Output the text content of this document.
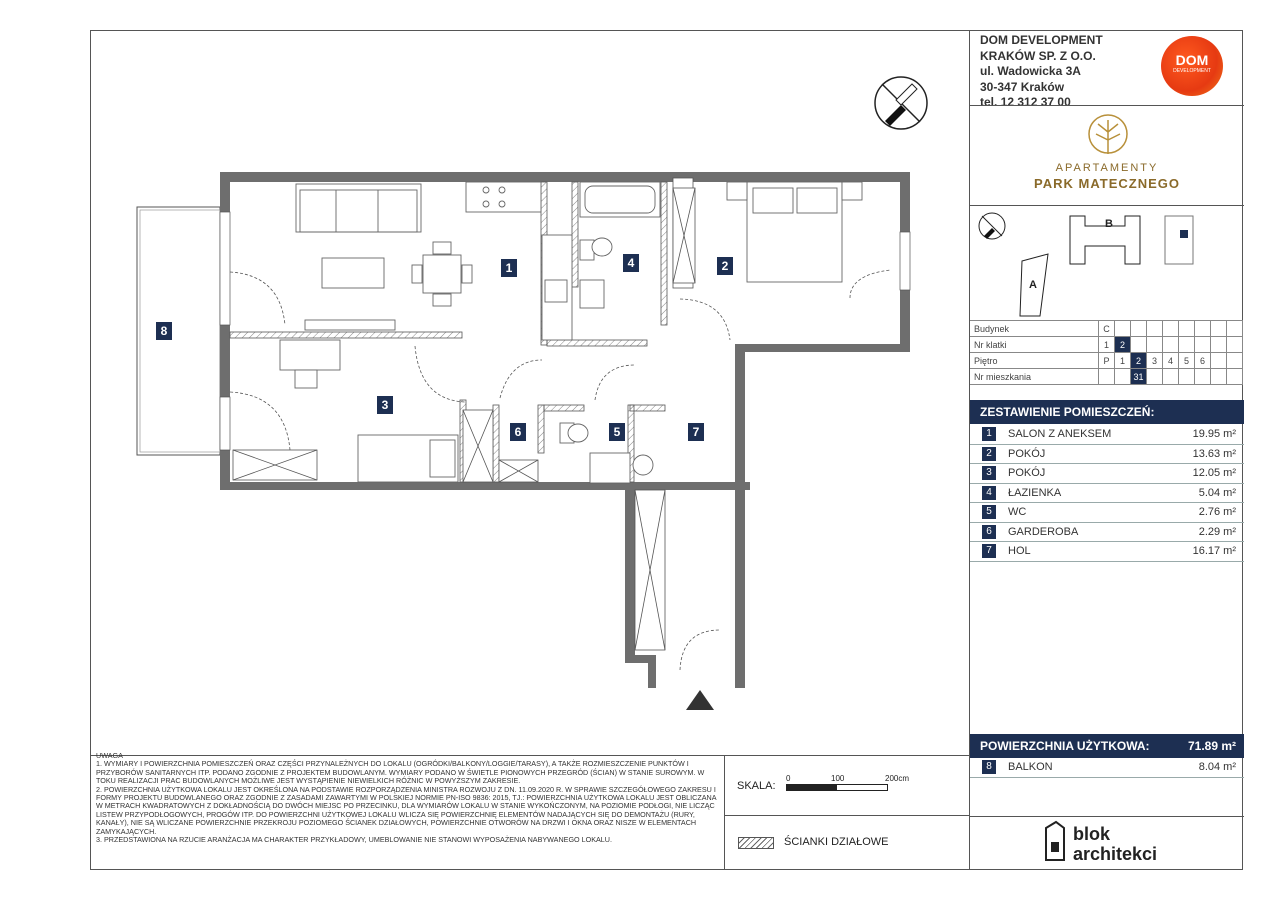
1	2
3
4
5
6	7
8
DOM DEVELOPMENT
KRAKÓW SP. Z O.O.
ul. Wadowicka 3A
30-347 Kraków
tel. 12 312 37 00
DOM
DEVELOPMENT
APARTAMENTY
PARK MATECZNEGO
B
A
Budynek	C								
Nr klatki	1	2							
Piętro	P	1	2	3	4	5	6		
Nr mieszkania			31						
ZESTAWIENIE POMIESZCZEŃ:
1	SALON Z ANEKSEM	19.95 m²
2	POKÓJ	13.63 m²
3	POKÓJ	12.05 m²
4	ŁAZIENKA	5.04 m²
5	WC	2.76 m²
6	GARDEROBA	2.29 m²
7	HOL	16.17 m²
POWIERZCHNIA UŻYTKOWA:	71.89 m²
8	BALKON	8.04 m²
blok
architekci
UWAGA
1. WYMIARY I POWIERZCHNIA POMIESZCZEŃ ORAZ CZĘŚCI PRZYNALEŻNYCH DO LOKALU (OGRÓDKI/BALKONY/LOGGIE/TARASY), A TAKŻE ROZMIESZCZENIE PUNKTÓW I PRZYBORÓW SANITARNYCH ITP. PODANO ZGODNIE Z PROJEKTEM BUDOWLANYM. WYMIARY PODANO W ŚWIETLE PIONOWYCH PRZEGRÓD (ŚCIAN) W STANIE SUROWYM. W TOKU REALIZACJI PRAC BUDOWLANYCH MOŻLIWE JEST WYSTĄPIENIE NIEWIELKICH RÓŻNIC W POWYŻSZYM ZAKRESIE.
2. POWIERZCHNIA UŻYTKOWA LOKALU JEST OKREŚLONA NA PODSTAWIE ROZPORZĄDZENIA MINISTRA ROZWOJU Z DN. 11.09.2020 R. W SPRAWIE SZCZEGÓŁOWEGO ZAKRESU I FORMY PROJEKTU BUDOWLANEGO ORAZ ZGODNIE Z ZASADAMI ZAWARTYMI W POLSKIEJ NORMIE PN-ISO 9836: 2015, TJ.: POWIERZCHNIA UŻYTKOWA LOKALU JEST OBLICZANA W METRACH KWADRATOWYCH Z DOKŁADNOŚCIĄ DO DWÓCH MIEJSC PO PRZECINKU, DLA WYMIARÓW LOKALU W STANIE WYKOŃCZONYM, NA POZIOMIE PODŁOGI, NIE LICZĄC LISTEW PRZYPODŁOGOWYCH, PROGÓW ITP. DO POWIERZCHNI UŻYTKOWEJ LOKALU WLICZA SIĘ POWIERZCHNIĘ ELEMENTÓW NADAJĄCYCH SIĘ DO DEMONTAŻU (RURY, KANAŁY), NIE SĄ WLICZANE POWIERZCHNIE PRZEKROJU POZIOMEGO ŚCIANEK DZIAŁOWYCH, POWIERZCHNIE OTWORÓW NA DRZWI I OKNA ORAZ NISZE W ELEMENTACH ZAMYKAJĄCYCH.
3. PRZEDSTAWIONA NA RZUCIE ARANŻACJA MA CHARAKTER PRZYKŁADOWY, UMEBLOWANIE NIE STANOWI WYPOSAŻENIA NABYWANEGO LOKALU.
SKALA:
0	100	200cm
ŚCIANKI DZIAŁOWE
